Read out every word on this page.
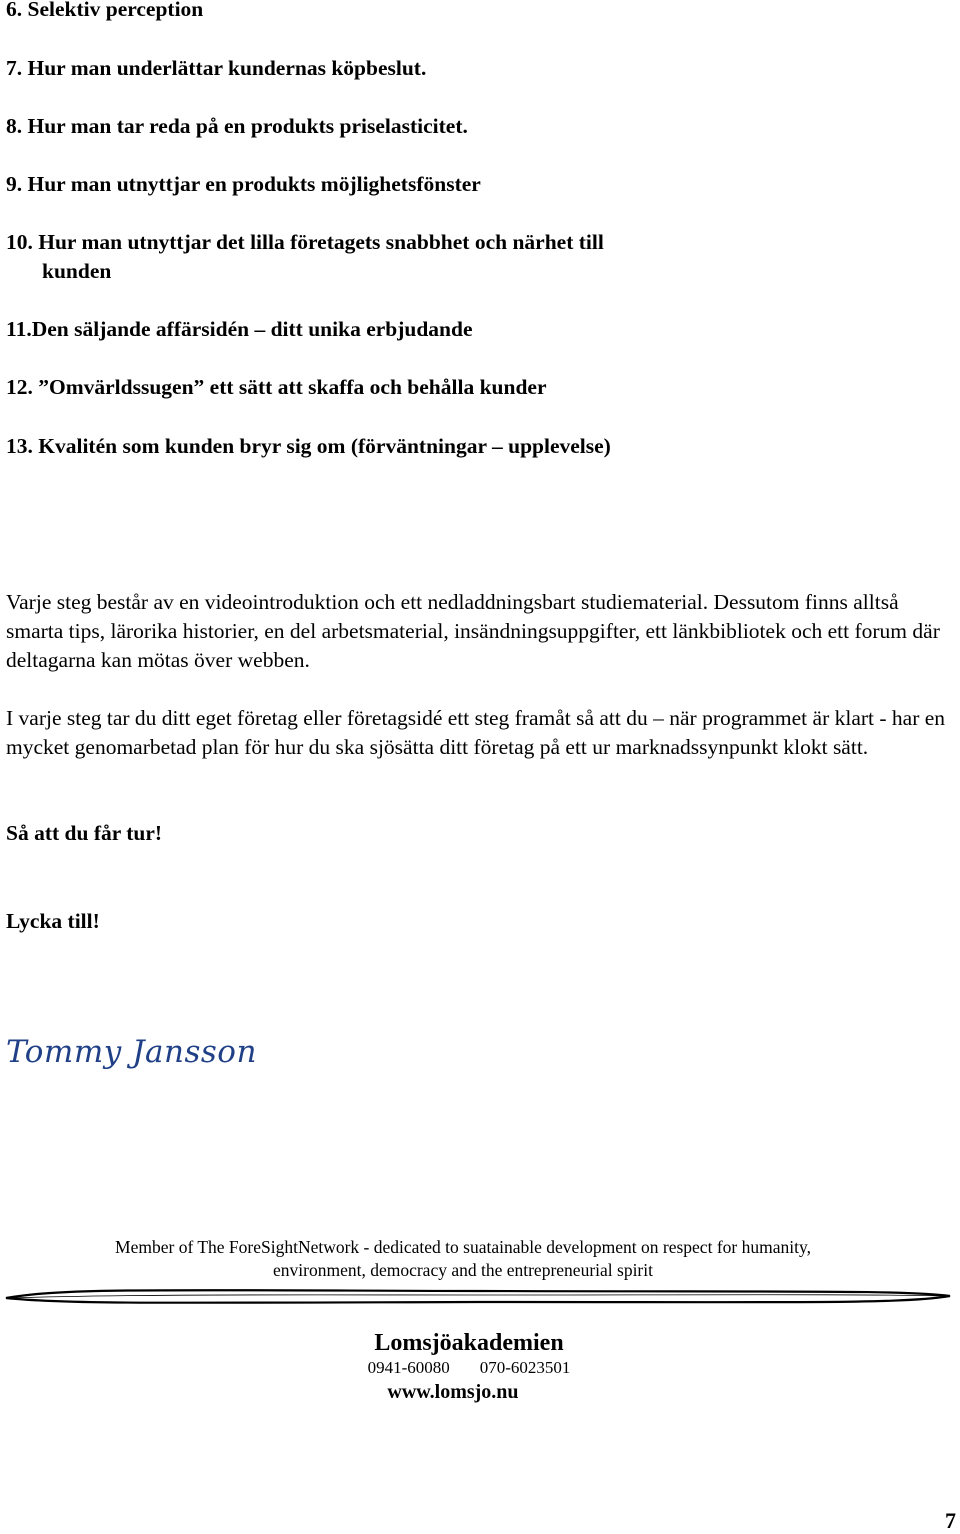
6. Selektiv perception
7. Hur man underlättar kundernas köpbeslut.
8. Hur man tar reda på en produkts priselasticitet.
9. Hur man utnyttjar en produkts möjlighetsfönster
10. Hur man utnyttjar det lilla företagets snabbhet och närhet till
kunden
11.Den säljande affärsidén – ditt unika erbjudande
12. ”Omvärldssugen” ett sätt att skaffa och behålla kunder
13. Kvalitén som kunden bryr sig om (förväntningar – upplevelse)

Varje steg består av en videointroduktion och ett nedladdningsbart studiematerial. Dessutom finns alltså smarta tips, lärorika historier, en del arbetsmaterial, insändningsuppgifter, ett länkbibliotek och ett forum där deltagarna kan mötas över webben.

I varje steg tar du ditt eget företag eller företagsidé ett steg framåt så att du – när programmet är klart - har en mycket genomarbetad plan för hur du ska sjösätta ditt företag på ett ur marknadssynpunkt klokt sätt.

Så att du får tur!
Lycka till!
Tommy Jansson
Member of The ForeSightNetwork - dedicated to suatainable development on respect for humanity,
environment, democracy and the entrepreneurial spirit
Lomsjöakademien
0941-60080 070-6023501
www.lomsjo.nu
7
